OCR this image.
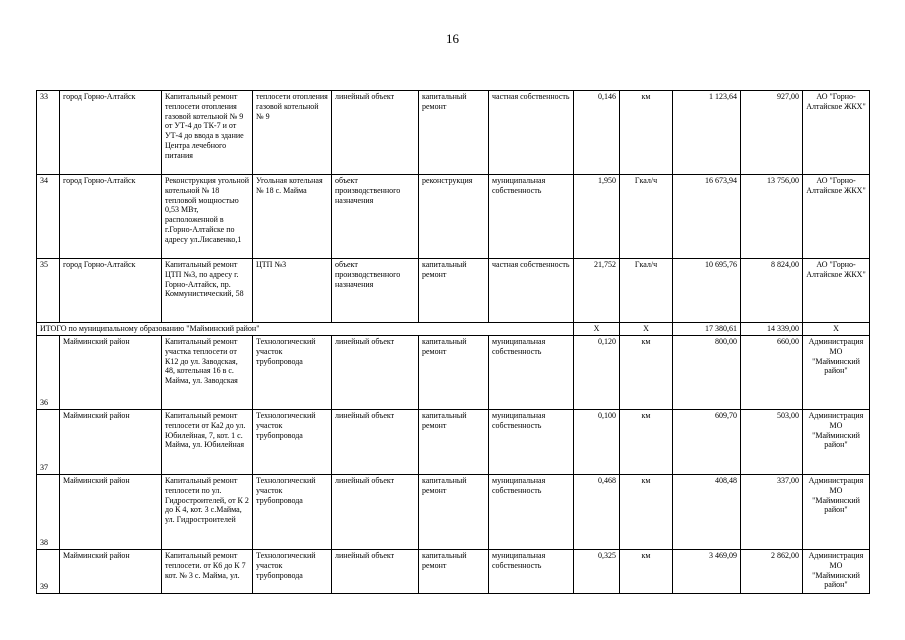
16
33	город Горно-Алтайск	Капитальный ремонт теплосети отопления газовой котельной № 9 от УТ-4 до ТК-7 и от УТ-4 до ввода в здание Центра лечебного питания	теплосети отопления газовой котельной № 9	линейный объект	капитальный ремонт	частная собственность	0,146	км	1 123,64	927,00	АО "Горно-Алтайское ЖКХ"
34	город Горно-Алтайск	Реконструкция угольной котельной № 18 тепловой мощностью 0,53 МВт, расположенной в г.Горно-Алтайске по адресу ул.Лисавенко,1	Угольная котельная № 18 с. Майма	объект производственного назначения	реконструкция	муниципальная собственность	1,950	Гкал/ч	16 673,94	13 756,00	АО "Горно-Алтайское ЖКХ"
35	город Горно-Алтайск	Капитальный ремонт ЦТП №3, по адресу г. Горно-Алтайск, пр. Коммунистический, 58	ЦТП №3	объект производственного назначения	капитальный ремонт	частная собственность	21,752	Гкал/ч	10 695,76	8 824,00	АО "Горно-Алтайское ЖКХ"
ИТОГО по муниципальному образованию "Майминский район"							Х	Х	17 380,61	14 339,00	Х

36	Майминский район	Капитальный ремонт участка теплосети от К12 до ул. Заводская, 48, котельная 16 в с. Майма, ул. Заводская	Технологический участок трубопровода	линейный объект	капитальный ремонт	муниципальная собственность	0,120	км	800,00	660,00	Администрация МО "Майминский район"

37	Майминский район	Капитальный ремонт теплосети от Ка2 до ул. Юбилейная, 7, кот. 1 с. Майма, ул. Юбилейная	Технологический участок трубопровода	линейный объект	капитальный ремонт	муниципальная собственность	0,100	км	609,70	503,00	Администрация МО "Майминский район"

38	Майминский район	Капитальный ремонт теплосети по ул. Гидростроителей, от К 2 до К 4, кот. 3 с.Майма, ул. Гидростроителей	Технологический участок трубопровода	линейный объект	капитальный ремонт	муниципальная собственность	0,468	км	408,48	337,00	Администрация МО "Майминский район"

39	Майминский район	Капитальный ремонт теплосети. от К6 до К 7 кот. № 3 с. Майма, ул.	Технологический участок трубопровода	линейный объект	капитальный ремонт	муниципальная собственность	0,325	км	3 469,09	2 862,00	Администрация МО "Майминский район"
